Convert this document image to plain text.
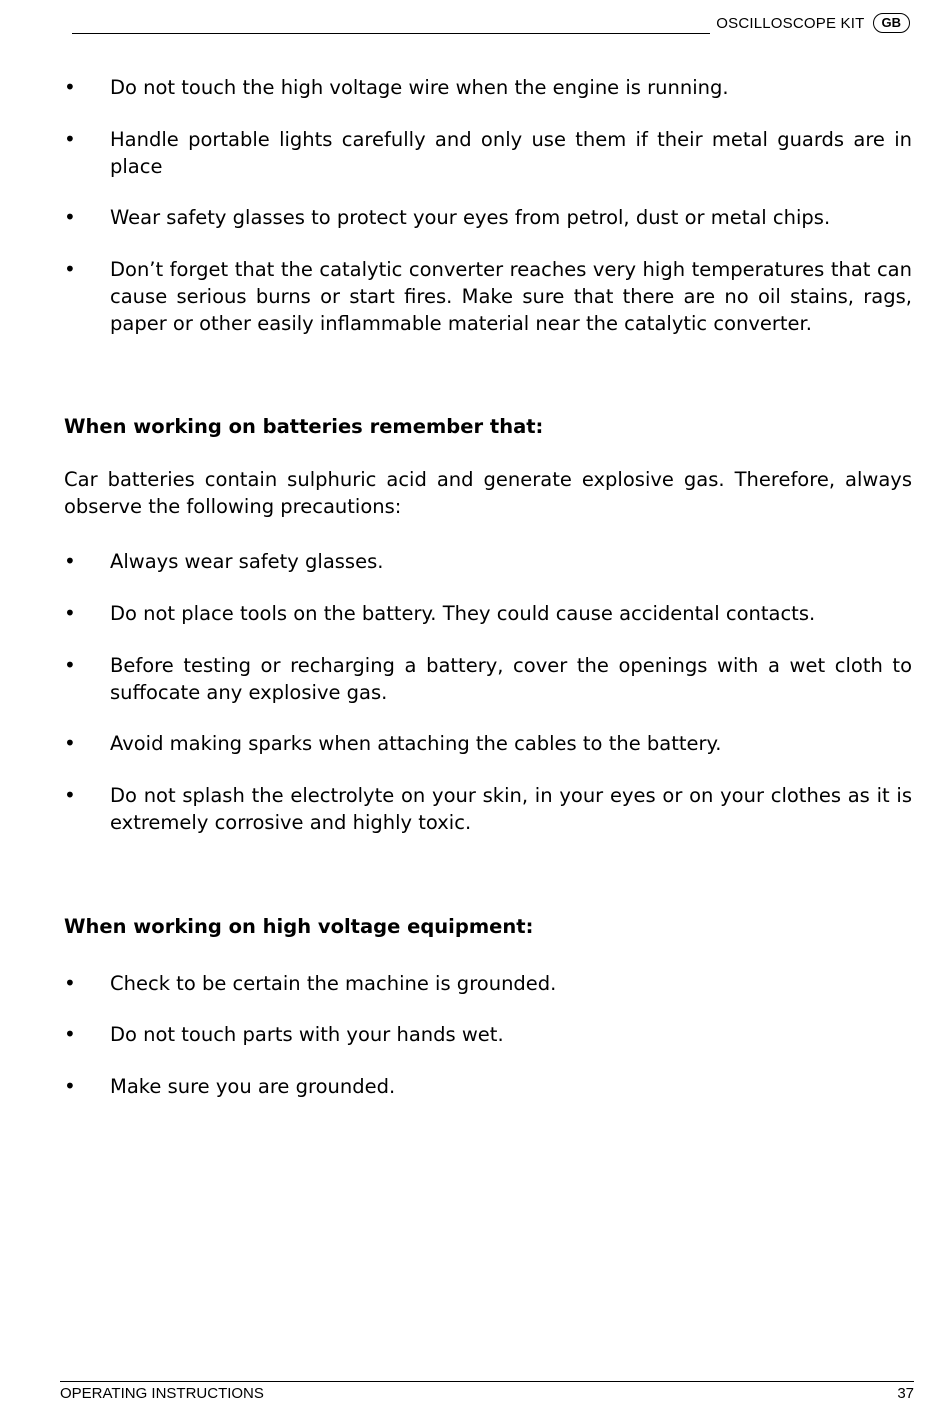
OSCILLOSCOPE KIT	GB
•	Do not touch the high voltage wire when the engine is running.
•	Handle portable lights carefully and only use them if their metal guards are in place
•	Wear safety glasses to protect your eyes from petrol, dust or metal chips.
•	Don’t forget that the catalytic converter reaches very high temperatures that can cause serious burns or start fires. Make sure that there are no oil stains, rags, paper or other easily inflammable material near the catalytic converter.
When working on batteries remember that:
Car batteries contain sulphuric acid and generate explosive gas. Therefore, always observe the following precautions:
•	Always wear safety glasses.
•	Do not place tools on the battery. They could cause accidental contacts.
•	Before testing or recharging a battery, cover the openings with a wet cloth to suffocate any explosive gas.
•	Avoid making sparks when attaching the cables to the battery.
•	Do not splash the electrolyte on your skin, in your eyes or on your clothes as it is extremely corrosive and highly toxic.
When working on high voltage equipment:
•	Check to be certain the machine is grounded.
•	Do not touch parts with your hands wet.
•	Make sure you are grounded.
OPERATING INSTRUCTIONS	37
